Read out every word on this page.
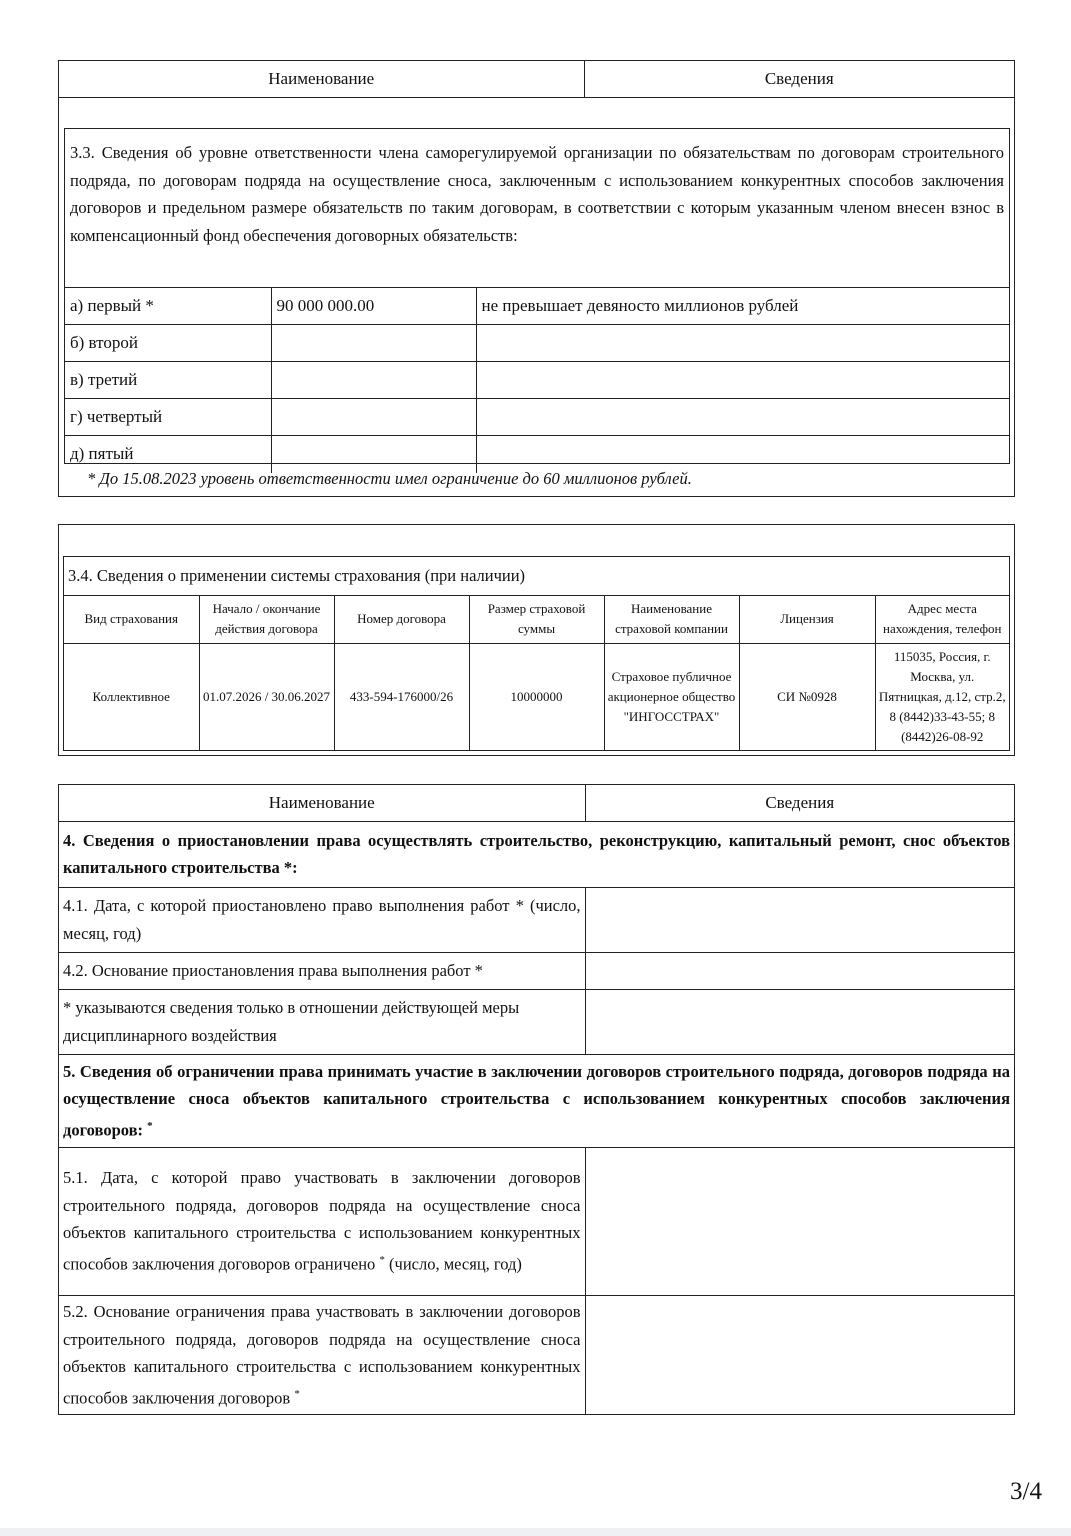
Наименование	Сведения
3.3. Сведения об уровне ответственности члена саморегулируемой организации по обязательствам по договорам строительного подряда, по договорам подряда на осуществление сноса, заключенным с использованием конкурентных способов заключения договоров и предельном размере обязательств по таким договорам, в соответствии с которым указанным членом внесен взнос в компенсационный фонд обеспечения договорных обязательств:
а) первый *	90 000 000.00	не превышает девяносто миллионов рублей
б) второй		
в) третий		
г) четвертый		
д) пятый		
* До 15.08.2023 уровень ответственности имел ограничение до 60 миллионов рублей.
3.4. Сведения о применении системы страхования (при наличии)						
Вид страхования	Начало / окончание действия договора	Номер договора	Размер страховой суммы	Наименование страховой компании	Лицензия	Адрес места нахождения, телефон
Коллективное	01.07.2026 / 30.06.2027	433-594-176000/26	10000000	Страховое публичное акционерное общество "ИНГОССТРАХ"	СИ №0928	115035, Россия, г. Москва, ул. Пятницкая, д.12, стр.2, 8 (8442)33-43-55; 8 (8442)26-08-92
Наименование	Сведения
4. Сведения о приостановлении права осуществлять строительство, реконструкцию, капитальный ремонт, снос объектов капитального строительства *:	
4.1. Дата, с которой приостановлено право выполнения работ * (число, месяц, год)	
4.2. Основание приостановления права выполнения работ *	
* указываются сведения только в отношении действующей меры дисциплинарного воздействия	
5. Сведения об ограничении права принимать участие в заключении договоров строительного подряда, договоров подряда на осуществление сноса объектов капитального строительства с использованием конкурентных способов заключения договоров: *
5.1. Дата, с которой право участвовать в заключении договоров строительного подряда, договоров подряда на осуществление сноса объектов капитального строительства с использованием конкурентных способов заключения договоров ограничено * (число, месяц, год)	
5.2. Основание ограничения права участвовать в заключении договоров строительного подряда, договоров подряда на осуществление сноса объектов капитального строительства с использованием конкурентных способов заключения договоров *	
3/4
